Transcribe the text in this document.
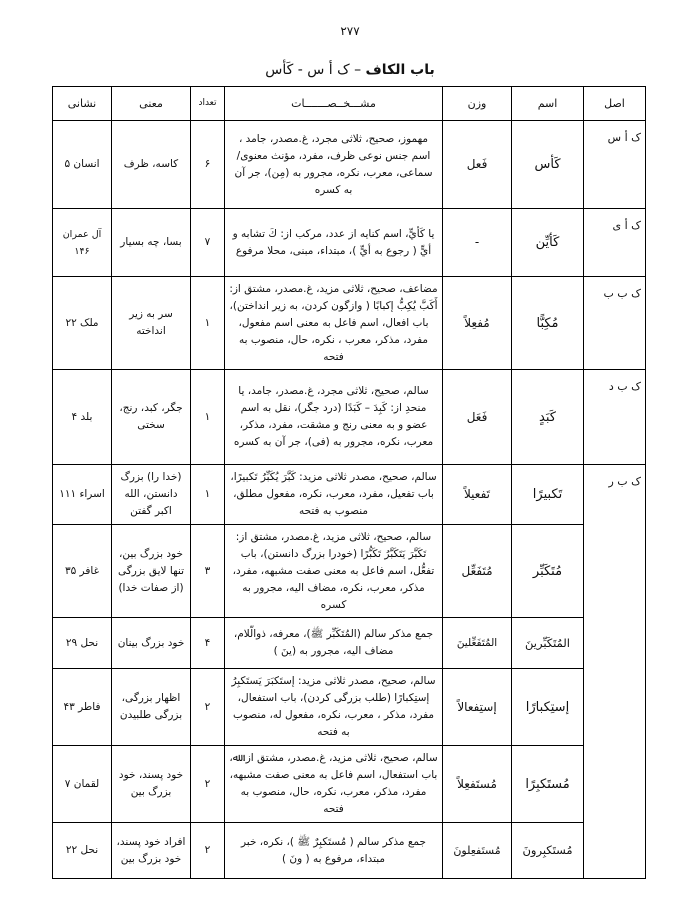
۲۷۷
باب الکاف – ک أ س - کَأس
اصل	اسم	وزن	مشـــخــصـــــــات	تعداد	معنی	نشانی
ک أ س	كَأس	فَعل	مهموز، صحیح، ثلاثی مجرد، غ.مصدر، جامد ، اسم جنس نوعی ظرف، مفرد، مؤنث معنوی/سماعی، معرب، نکره، مجرور به (مِن)، جر آن به کسره	۶	کاسه، ظرف	انسان ۵
ک أ ی	كَأيِّن	-	یا كَأيٍّ، اسم کنایه از عدد، مرکب از: كَ تشابه و أيٍّ ( رجوع به أيٍّ )، مبتداء، مبنی، محلا مرفوع	۷	بسا، چه بسیار	آل عمران ۱۴۶
ک ب ب	مُكِبًّا	مُفعِلاً	مضاعف، صحیح، ثلاثی مزید، غ.مصدر، مشتق از: أَكَبَّ يُكِبُّ إكبابًا ( وازگون کردن، به زیر انداختن)، باب افعال، اسم فاعل به معنی اسم مفعول، مفرد، مذکر، معرب ، نکره، حال، منصوب به فتحه	۱	سر به زیر انداخته	ملک ۲۲
ک ب د	كَبَدٍ	فَعَل	سالم، صحیح، ثلاثی مجرد، غ.مصدر، جامد، یا منحدِ از: كَبِدَ – كَبَدًا (درد جگر)، نقل به اسم عضو و به معنی رنج و مشقت، مفرد، مذکر، معرب، نکره، مجرور به (فی)، جر آن به کسره	۱	جگر، کبد، رنج، سختی	بلد ۴
ک ب ر	تَكبيرًا	تَفعیلاً	سالم، صحیح، مصدر ثلاثی مزید: كَبَّرَ يُكَبِّرُ تَكبیرًا، باب تفعیل، مفرد، معرب، نکره، مفعول مطلق، منصوب به فتحه	۱	(خدا را) بزرگ دانستن، الله اکبر گفتن	اسراء ۱۱۱
	مُتَكَبِّر	مُتَفَعِّل	سالم، صحیح، ثلاثی مزید، غ.مصدر، مشتق از: تَكَبَّرَ يَتَكَبَّرُ تَكَبُّرًا (خودرا بزرگ دانستن)، باب تفعُّل، اسم فاعل به معنی صفت مشبهه، مفرد، مذکر، معرب، نکره، مضاف الیه، مجرور به کسره	۳	خود بزرگ بین، تنها لایق بزرگی (از صفات خدا)	غافر ۳۵
	المُتَكَبِّرينَ	المُتَفَعِّلینَ	جمع مذکر سالم (المُتَكَبِّر ﷺ)، معرفه، ذوالّلام، مضاف الیه، مجرور به (ینَ )	۴	خود بزرگ بینان	نحل ۲۹
	إستِكبارًا	إستِفعالاً	سالم، صحیح، مصدر ثلاثی مزید: إستَكبَرَ يَستَكبِرُ إستِكبارًا (طلب بزرگی کردن)، باب استفعال، مفرد، مذکر ، معرب، نکره، مفعول له، منصوب به فتحه	۲	اظهار بزرگی، بزرگی طلبیدن	فاطر ۴۳
	مُستَكبِرًا	مُستَفعِلاً	سالم، صحیح، ثلاثی مزید، غ.مصدر، مشتق از: ﷲ، باب استفعال، اسم فاعل به معنی صفت مشبهه، مفرد، مذکر، معرب، نکره، حال، منصوب به فتحه	۲	خود پسند، خود بزرگ بین	لقمان ۷
	مُستَكبِرونَ	مُستَفعِلونَ	جمع مذکر سالم ( مُستَكبِرٌ ﷺ )، نکره، خبر مبتداء، مرفوع به ( ونَ )	۲	افراد خود پسند، خود بزرگ بین	نحل ۲۲
